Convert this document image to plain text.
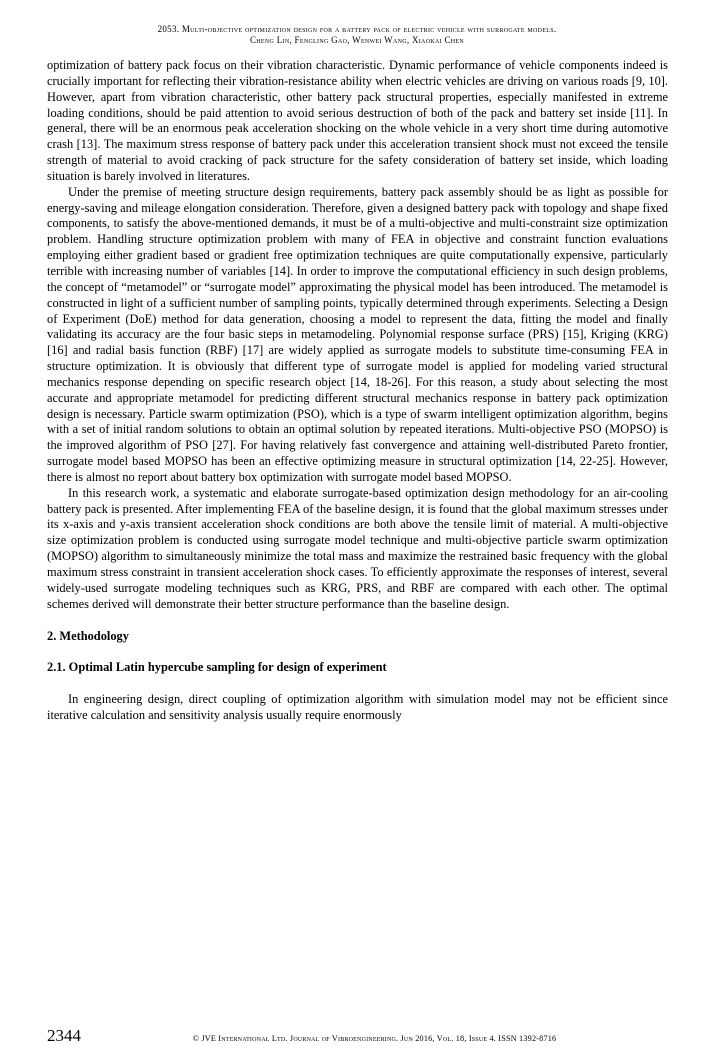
2053. Multi-objective optimization design for a battery pack of electric vehicle with surrogate models.
Cheng Lin, Fengling Gao, Wenwei Wang, Xiaokai Chen

optimization of battery pack focus on their vibration characteristic. Dynamic performance of vehicle components indeed is crucially important for reflecting their vibration-resistance ability when electric vehicles are driving on various roads [9, 10]. However, apart from vibration characteristic, other battery pack structural properties, especially manifested in extreme loading conditions, should be paid attention to avoid serious destruction of both of the pack and battery set inside [11]. In general, there will be an enormous peak acceleration shocking on the whole vehicle in a very short time during automotive crash [13]. The maximum stress response of battery pack under this acceleration transient shock must not exceed the tensile strength of material to avoid cracking of pack structure for the safety consideration of battery set inside, which loading situation is barely involved in literatures.

Under the premise of meeting structure design requirements, battery pack assembly should be as light as possible for energy-saving and mileage elongation consideration. Therefore, given a designed battery pack with topology and shape fixed components, to satisfy the above-mentioned demands, it must be of a multi-objective and multi-constraint size optimization problem. Handling structure optimization problem with many of FEA in objective and constraint function evaluations employing either gradient based or gradient free optimization techniques are quite computationally expensive, particularly terrible with increasing number of variables [14]. In order to improve the computational efficiency in such design problems, the concept of “metamodel” or “surrogate model” approximating the physical model has been introduced. The metamodel is constructed in light of a sufficient number of sampling points, typically determined through experiments. Selecting a Design of Experiment (DoE) method for data generation, choosing a model to represent the data, fitting the model and finally validating its accuracy are the four basic steps in metamodeling. Polynomial response surface (PRS) [15], Kriging (KRG) [16] and radial basis function (RBF) [17] are widely applied as surrogate models to substitute time-consuming FEA in structure optimization. It is obviously that different type of surrogate model is applied for modeling varied structural mechanics response depending on specific research object [14, 18-26]. For this reason, a study about selecting the most accurate and appropriate metamodel for predicting different structural mechanics response in battery pack optimization design is necessary. Particle swarm optimization (PSO), which is a type of swarm intelligent optimization algorithm, begins with a set of initial random solutions to obtain an optimal solution by repeated iterations. Multi-objective PSO (MOPSO) is the improved algorithm of PSO [27]. For having relatively fast convergence and attaining well-distributed Pareto frontier, surrogate model based MOPSO has been an effective optimizing measure in structural optimization [14, 22-25]. However, there is almost no report about battery box optimization with surrogate model based MOPSO.

In this research work, a systematic and elaborate surrogate-based optimization design methodology for an air-cooling battery pack is presented. After implementing FEA of the baseline design, it is found that the global maximum stresses under its x-axis and y-axis transient acceleration shock conditions are both above the tensile limit of material. A multi-objective size optimization problem is conducted using surrogate model technique and multi-objective particle swarm optimization (MOPSO) algorithm to simultaneously minimize the total mass and maximize the restrained basic frequency with the global maximum stress constraint in transient acceleration shock cases. To efficiently approximate the responses of interest, several widely-used surrogate modeling techniques such as KRG, PRS, and RBF are compared with each other. The optimal schemes derived will demonstrate their better structure performance than the baseline design.

2. Methodology
2.1. Optimal Latin hypercube sampling for design of experiment

In engineering design, direct coupling of optimization algorithm with simulation model may not be efficient since iterative calculation and sensitivity analysis usually require enormously

2344	© JVE International Ltd. Journal of Vibroengineering. Jun 2016, Vol. 18, Issue 4. ISSN 1392-8716
